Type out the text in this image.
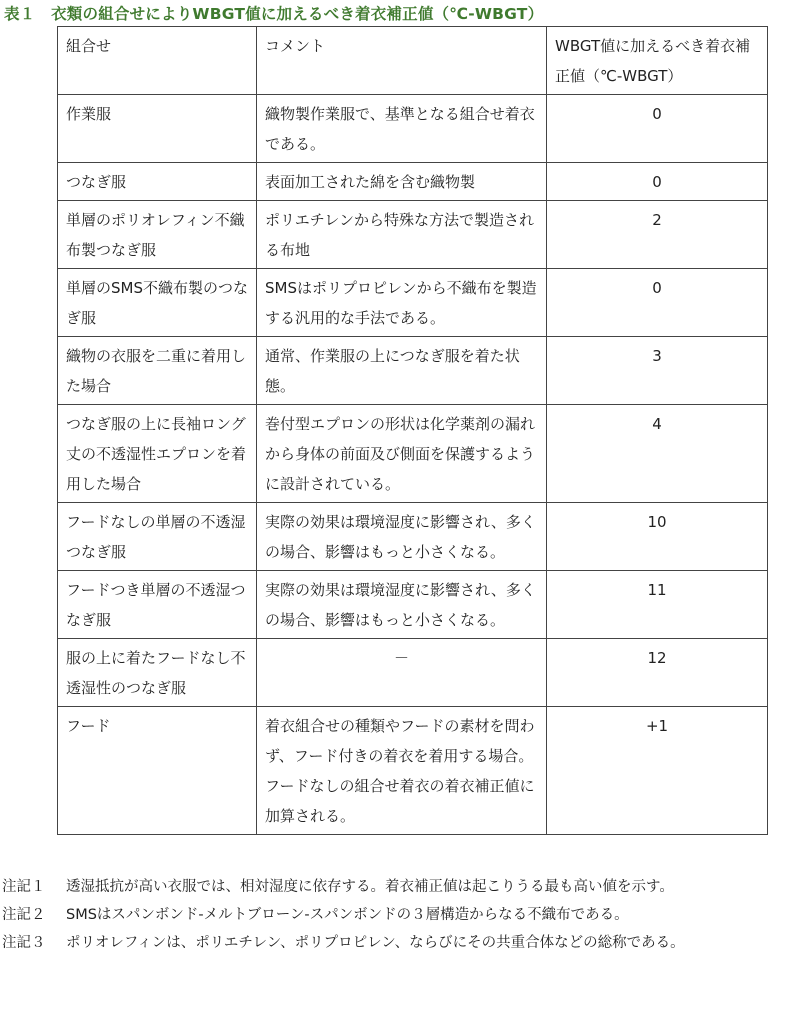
表１　衣類の組合せによりWBGT値に加えるべき着衣補正値（℃-WBGT）
組合せ	コメント	WBGT値に加えるべき着衣補正値（℃-WBGT）
作業服	織物製作業服で、基準となる組合せ着衣である。	0
つなぎ服	表面加工された綿を含む織物製	0
単層のポリオレフィン不織布製つなぎ服	ポリエチレンから特殊な方法で製造される布地	2
単層のSMS不織布製のつなぎ服	SMSはポリプロピレンから不織布を製造する汎用的な手法である。	0
織物の衣服を二重に着用した場合	通常、作業服の上につなぎ服を着た状態。	3
つなぎ服の上に長袖ロング丈の不透湿性エプロンを着用した場合	巻付型エプロンの形状は化学薬剤の漏れから身体の前面及び側面を保護するように設計されている。	4
フードなしの単層の不透湿つなぎ服	実際の効果は環境湿度に影響され、多くの場合、影響はもっと小さくなる。	10
フードつき単層の不透湿つなぎ服	実際の効果は環境湿度に影響され、多くの場合、影響はもっと小さくなる。	11
服の上に着たフードなし不透湿性のつなぎ服	－	12
フード	着衣組合せの種類やフードの素材を問わず、フード付きの着衣を着用する場合。フードなしの組合せ着衣の着衣補正値に加算される。	+1
注記１	透湿抵抗が高い衣服では、相対湿度に依存する。着衣補正値は起こりうる最も高い値を示す。
注記２	SMSはスパンボンド-メルトブローン-スパンボンドの３層構造からなる不織布である。
注記３	ポリオレフィンは、ポリエチレン、ポリプロピレン、ならびにその共重合体などの総称である。
